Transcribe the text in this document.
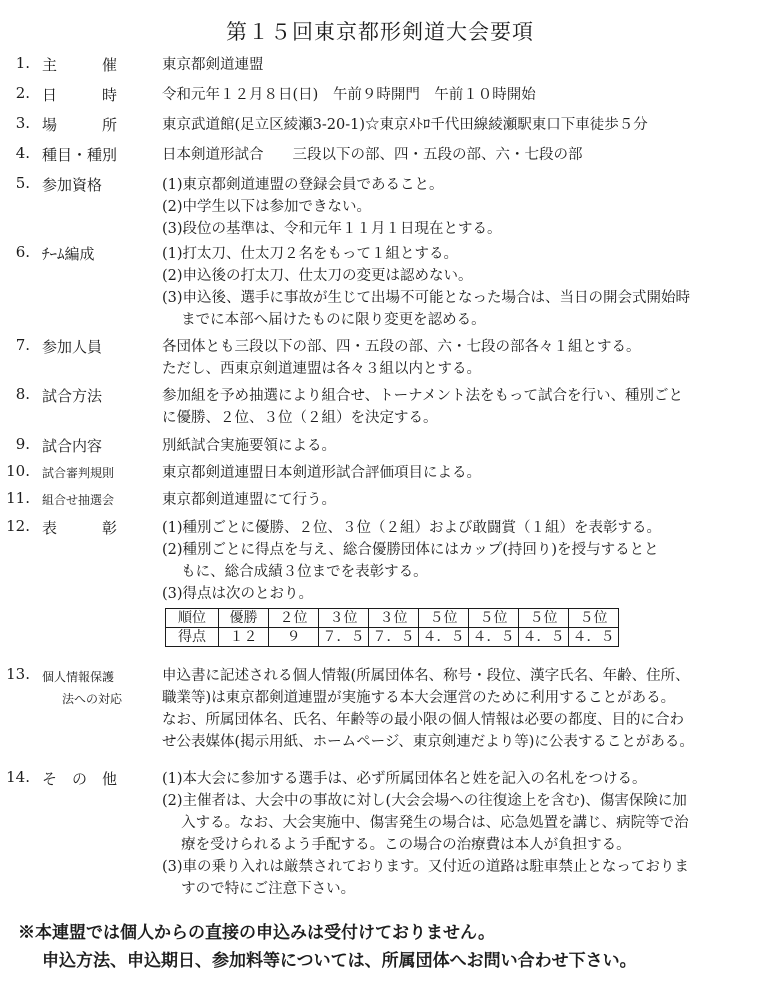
第１５回東京都形剣道大会要項
1. 主　　　催	東京都剣道連盟
2. 日　　　時	令和元年１２月８日(日)　午前９時開門　午前１０時開始
3. 場　　　所	東京武道館(足立区綾瀬3-20-1)☆東京ﾒﾄﾛ千代田線綾瀬駅東口下車徒歩５分
4. 種目・種別	日本剣道形試合　　三段以下の部、四・五段の部、六・七段の部
5. 参加資格	(1)東京都剣道連盟の登録会員であること。
(2)中学生以下は参加できない。
(3)段位の基準は、令和元年１１月１日現在とする。
6. ﾁｰﾑ編成	(1)打太刀、仕太刀２名をもって１組とする。
(2)申込後の打太刀、仕太刀の変更は認めない。
(3)申込後、選手に事故が生じて出場不可能となった場合は、当日の開会式開始時
　 までに本部へ届けたものに限り変更を認める。
7. 参加人員	各団体とも三段以下の部、四・五段の部、六・七段の部各々１組とする。
ただし、西東京剣道連盟は各々３組以内とする。
8. 試合方法	参加組を予め抽選により組合せ、トーナメント法をもって試合を行い、種別ごと
に優勝、２位、３位（２組）を決定する。
9. 試合内容	別紙試合実施要領による。
10. 試合審判規則	東京都剣道連盟日本剣道形試合評価項目による。
11. 組合せ抽選会	東京都剣道連盟にて行う。
12. 表　　　彰	(1)種別ごとに優勝、２位、３位（２組）および敢闘賞（１組）を表彰する。
(2)種別ごとに得点を与え、総合優勝団体にはカップ(持回り)を授与するとと
　 もに、総合成績３位までを表彰する。
(3)得点は次のとおり。
順位	優勝	２位	３位	３位	５位	５位	５位	５位
得点	１２	９	７．５	７．５	４．５	４．５	４．５	４．５
13. 個人情報保護
法への対応
申込書に記述される個人情報(所属団体名、称号・段位、漢字氏名、年齢、住所、
職業等)は東京都剣道連盟が実施する本大会運営のために利用することがある。
なお、所属団体名、氏名、年齢等の最小限の個人情報は必要の都度、目的に合わ
せ公表媒体(掲示用紙、ホームページ、東京剣連だより等)に公表することがある。
14. そ　の　他	(1)本大会に参加する選手は、必ず所属団体名と姓を記入の名札をつける。
(2)主催者は、大会中の事故に対し(大会会場への往復途上を含む)、傷害保険に加
　 入する。なお、大会実施中、傷害発生の場合は、応急処置を講じ、病院等で治
　 療を受けられるよう手配する。この場合の治療費は本人が負担する。
(3)車の乗り入れは厳禁されております。又付近の道路は駐車禁止となっておりま
　 すので特にご注意下さい。
※本連盟では個人からの直接の申込みは受付けておりません。
申込方法、申込期日、参加料等については、所属団体へお問い合わせ下さい。
